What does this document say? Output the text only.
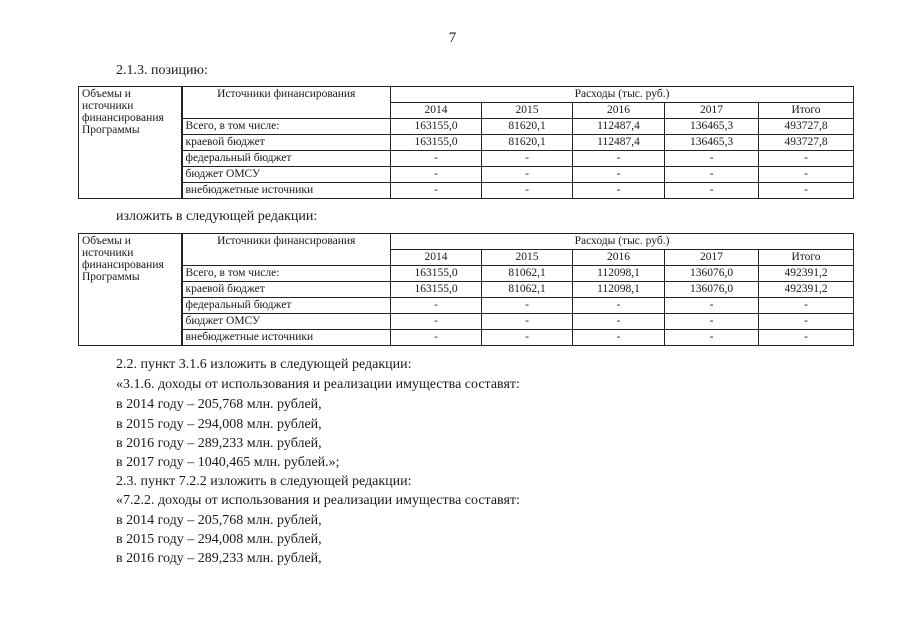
7
2.1.3. позицию:
Объемы и источники финансирования Программы	Источники финансирования	Расходы (тыс. руб.)				
		2014	2015	2016	2017	Итого
	Всего, в том числе:	163155,0	81620,1	112487,4	136465,3	493727,8
	краевой бюджет	163155,0	81620,1	112487,4	136465,3	493727,8
	федеральный бюджет	-	-	-	-	-
	бюджет ОМСУ	-	-	-	-	-
	внебюджетные источники	-	-	-	-	-
изложить в следующей редакции:
Объемы и источники финансирования Программы	Источники финансирования	Расходы (тыс. руб.)				
		2014	2015	2016	2017	Итого
	Всего, в том числе:	163155,0	81062,1	112098,1	136076,0	492391,2
	краевой бюджет	163155,0	81062,1	112098,1	136076,0	492391,2
	федеральный бюджет	-	-	-	-	-
	бюджет ОМСУ	-	-	-	-	-
	внебюджетные источники	-	-	-	-	-
2.2. пункт 3.1.6 изложить в следующей редакции:
«3.1.6. доходы от использования и реализации имущества составят:
в 2014 году – 205,768 млн. рублей,
в 2015 году – 294,008 млн. рублей,
в 2016 году – 289,233 млн. рублей,
в 2017 году – 1040,465 млн. рублей.»;
2.3. пункт 7.2.2 изложить в следующей редакции:
«7.2.2. доходы от использования и реализации имущества составят:
в 2014 году – 205,768 млн. рублей,
в 2015 году – 294,008 млн. рублей,
в 2016 году – 289,233 млн. рублей,
